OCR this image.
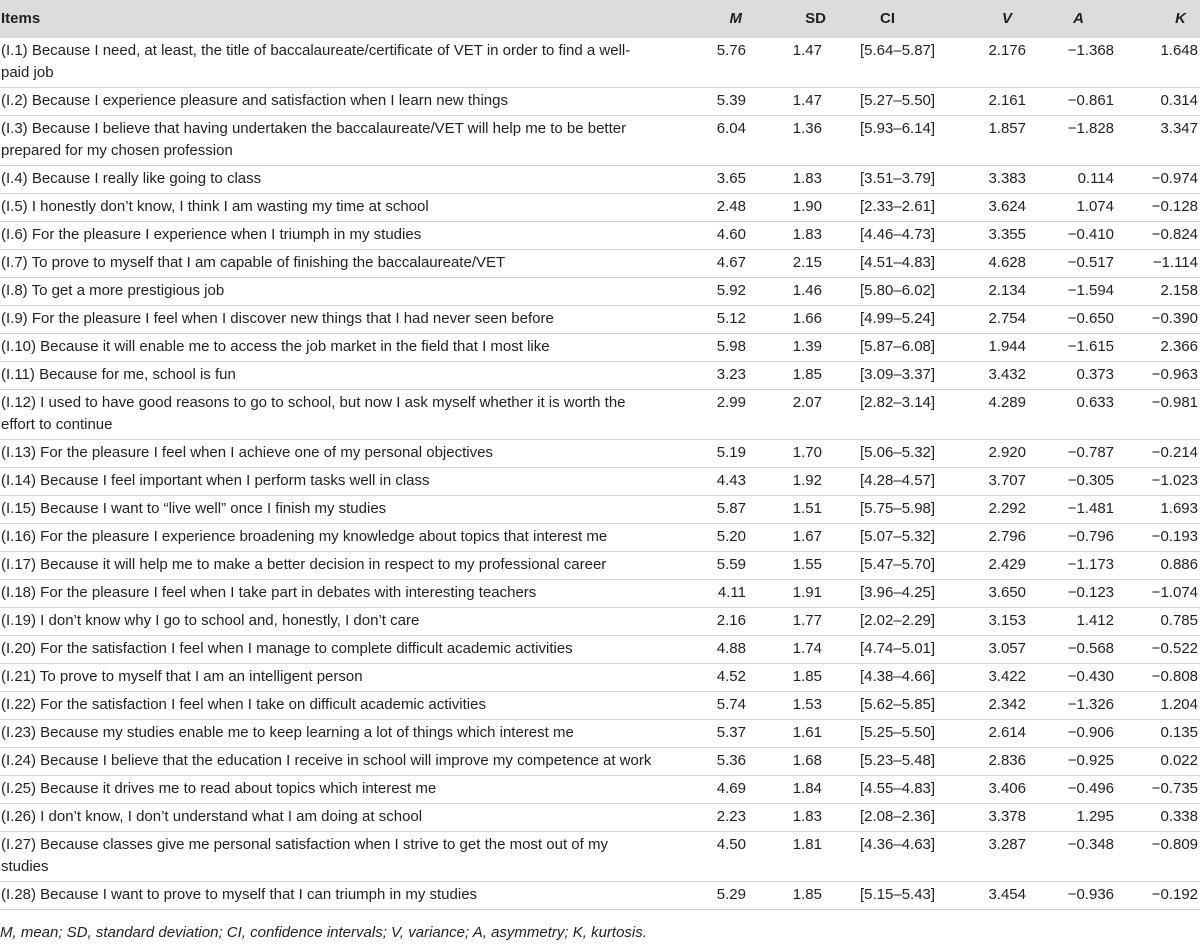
Items	M	SD	CI	V	A	K
(I.1) Because I need, at least, the title of baccalaureate/certificate of VET in order to find a well-paid job	5.76	1.47	[5.64–5.87]	2.176	−1.368	1.648
(I.2) Because I experience pleasure and satisfaction when I learn new things	5.39	1.47	[5.27–5.50]	2.161	−0.861	0.314
(I.3) Because I believe that having undertaken the baccalaureate/VET will help me to be better prepared for my chosen profession	6.04	1.36	[5.93–6.14]	1.857	−1.828	3.347
(I.4) Because I really like going to class	3.65	1.83	[3.51–3.79]	3.383	0.114	−0.974
(I.5) I honestly don’t know, I think I am wasting my time at school	2.48	1.90	[2.33–2.61]	3.624	1.074	−0.128
(I.6) For the pleasure I experience when I triumph in my studies	4.60	1.83	[4.46–4.73]	3.355	−0.410	−0.824
(I.7) To prove to myself that I am capable of finishing the baccalaureate/VET	4.67	2.15	[4.51–4.83]	4.628	−0.517	−1.114
(I.8) To get a more prestigious job	5.92	1.46	[5.80–6.02]	2.134	−1.594	2.158
(I.9) For the pleasure I feel when I discover new things that I had never seen before	5.12	1.66	[4.99–5.24]	2.754	−0.650	−0.390
(I.10) Because it will enable me to access the job market in the field that I most like	5.98	1.39	[5.87–6.08]	1.944	−1.615	2.366
(I.11) Because for me, school is fun	3.23	1.85	[3.09–3.37]	3.432	0.373	−0.963
(I.12) I used to have good reasons to go to school, but now I ask myself whether it is worth the effort to continue	2.99	2.07	[2.82–3.14]	4.289	0.633	−0.981
(I.13) For the pleasure I feel when I achieve one of my personal objectives	5.19	1.70	[5.06–5.32]	2.920	−0.787	−0.214
(I.14) Because I feel important when I perform tasks well in class	4.43	1.92	[4.28–4.57]	3.707	−0.305	−1.023
(I.15) Because I want to “live well” once I finish my studies	5.87	1.51	[5.75–5.98]	2.292	−1.481	1.693
(I.16) For the pleasure I experience broadening my knowledge about topics that interest me	5.20	1.67	[5.07–5.32]	2.796	−0.796	−0.193
(I.17) Because it will help me to make a better decision in respect to my professional career	5.59	1.55	[5.47–5.70]	2.429	−1.173	0.886
(I.18) For the pleasure I feel when I take part in debates with interesting teachers	4.11	1.91	[3.96–4.25]	3.650	−0.123	−1.074
(I.19) I don’t know why I go to school and, honestly, I don’t care	2.16	1.77	[2.02–2.29]	3.153	1.412	0.785
(I.20) For the satisfaction I feel when I manage to complete difficult academic activities	4.88	1.74	[4.74–5.01]	3.057	−0.568	−0.522
(I.21) To prove to myself that I am an intelligent person	4.52	1.85	[4.38–4.66]	3.422	−0.430	−0.808
(I.22) For the satisfaction I feel when I take on difficult academic activities	5.74	1.53	[5.62–5.85]	2.342	−1.326	1.204
(I.23) Because my studies enable me to keep learning a lot of things which interest me	5.37	1.61	[5.25–5.50]	2.614	−0.906	0.135
(I.24) Because I believe that the education I receive in school will improve my competence at work	5.36	1.68	[5.23–5.48]	2.836	−0.925	0.022
(I.25) Because it drives me to read about topics which interest me	4.69	1.84	[4.55–4.83]	3.406	−0.496	−0.735
(I.26) I don’t know, I don’t understand what I am doing at school	2.23	1.83	[2.08–2.36]	3.378	1.295	0.338
(I.27) Because classes give me personal satisfaction when I strive to get the most out of my studies	4.50	1.81	[4.36–4.63]	3.287	−0.348	−0.809
(I.28) Because I want to prove to myself that I can triumph in my studies	5.29	1.85	[5.15–5.43]	3.454	−0.936	−0.192
M, mean; SD, standard deviation; CI, confidence intervals; V, variance; A, asymmetry; K, kurtosis.
